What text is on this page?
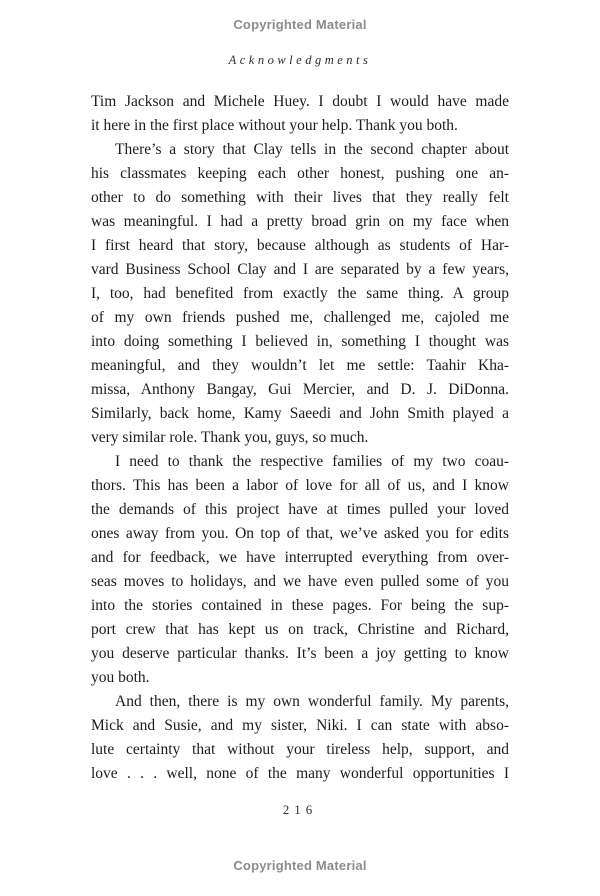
Copyrighted Material
Acknowledgments
Tim Jackson and Michele Huey. I doubt I would have made
it here in the first place without your help. Thank you both.
There’s a story that Clay tells in the second chapter about
his classmates keeping each other honest, pushing one an-
other to do something with their lives that they really felt
was meaningful. I had a pretty broad grin on my face when
I first heard that story, because although as students of Har-
vard Business School Clay and I are separated by a few years,
I, too, had benefited from exactly the same thing. A group
of my own friends pushed me, challenged me, cajoled me
into doing something I believed in, something I thought was
meaningful, and they wouldn’t let me settle: Taahir Kha-
missa, Anthony Bangay, Gui Mercier, and D. J. DiDonna.
Similarly, back home, Kamy Saeedi and John Smith played a
very similar role. Thank you, guys, so much.
I need to thank the respective families of my two coau-
thors. This has been a labor of love for all of us, and I know
the demands of this project have at times pulled your loved
ones away from you. On top of that, we’ve asked you for edits
and for feedback, we have interrupted everything from over-
seas moves to holidays, and we have even pulled some of you
into the stories contained in these pages. For being the sup-
port crew that has kept us on track, Christine and Richard,
you deserve particular thanks. It’s been a joy getting to know
you both.
And then, there is my own wonderful family. My parents,
Mick and Susie, and my sister, Niki. I can state with abso-
lute certainty that without your tireless help, support, and
love . . . well, none of the many wonderful opportunities I
216
Copyrighted Material
